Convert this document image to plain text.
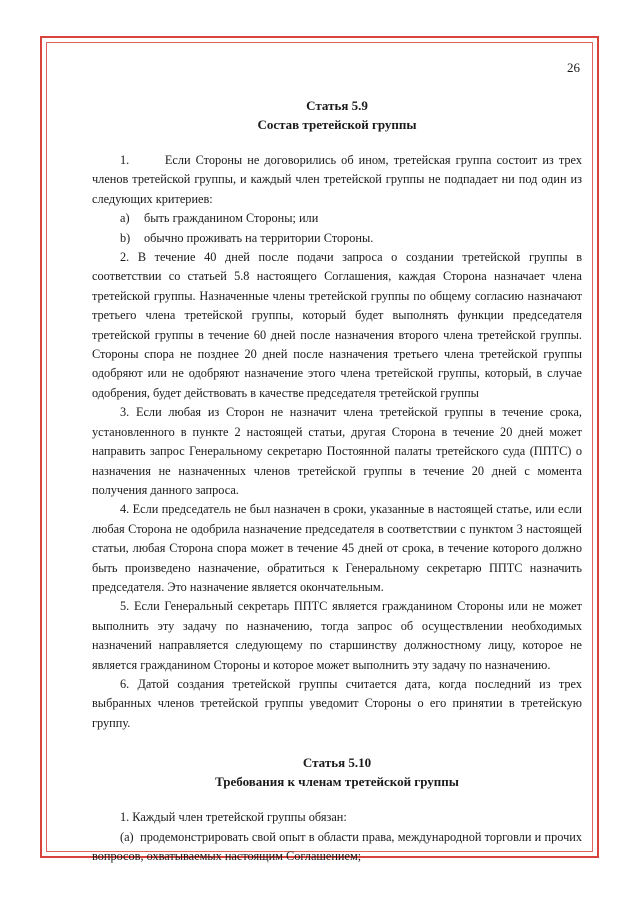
26

Статья 5.9

Состав третейской группы

1.       Если Стороны не договорились об ином, третейская группа состоит из трех членов третейской группы, и каждый член третейской группы не подпадает ни под один из следующих критериев:

a) быть гражданином Стороны; или

b) обычно проживать на территории Стороны.

2. В течение 40 дней после подачи запроса о создании третейской группы в соответствии со статьей 5.8 настоящего Соглашения, каждая Сторона назначает члена третейской группы. Назначенные члены третейской группы по общему согласию назначают третьего члена третейской группы, который будет выполнять функции председателя третейской группы в течение 60 дней после назначения второго члена третейской группы. Стороны спора не позднее 20 дней после назначения третьего члена третейской группы одобряют или не одобряют назначение этого члена третейской группы, который, в случае одобрения, будет действовать в качестве председателя третейской группы

3. Если любая из Сторон не назначит члена третейской группы в течение срока, установленного в пункте 2 настоящей статьи, другая Сторона в течение 20 дней может направить запрос Генеральному секретарю Постоянной палаты третейского суда (ППТС) о назначения не назначенных членов третейской группы в течение 20 дней с момента получения данного запроса.

4. Если председатель не был назначен в сроки, указанные в настоящей статье, или если любая Сторона не одобрила назначение председателя в соответствии с пунктом 3 настоящей статьи, любая Сторона спора может в течение 45 дней от срока, в течение которого должно быть произведено назначение, обратиться к Генеральному секретарю ППТС назначить председателя. Это назначение является окончательным.

5. Если Генеральный секретарь ППТС является гражданином Стороны или не может выполнить эту задачу по назначению, тогда запрос об осуществлении необходимых назначений направляется следующему по старшинству должностному лицу, которое не является гражданином Стороны и которое может выполнить эту задачу по назначению.

6. Датой создания третейской группы считается дата, когда последний из трех выбранных членов третейской группы уведомит Стороны о его принятии в третейскую группу.

Статья 5.10

Требования к членам третейской группы

1. Каждый член третейской группы обязан:

(a)  продемонстрировать свой опыт в области права, международной торговли и прочих вопросов, охватываемых настоящим Соглашением;
